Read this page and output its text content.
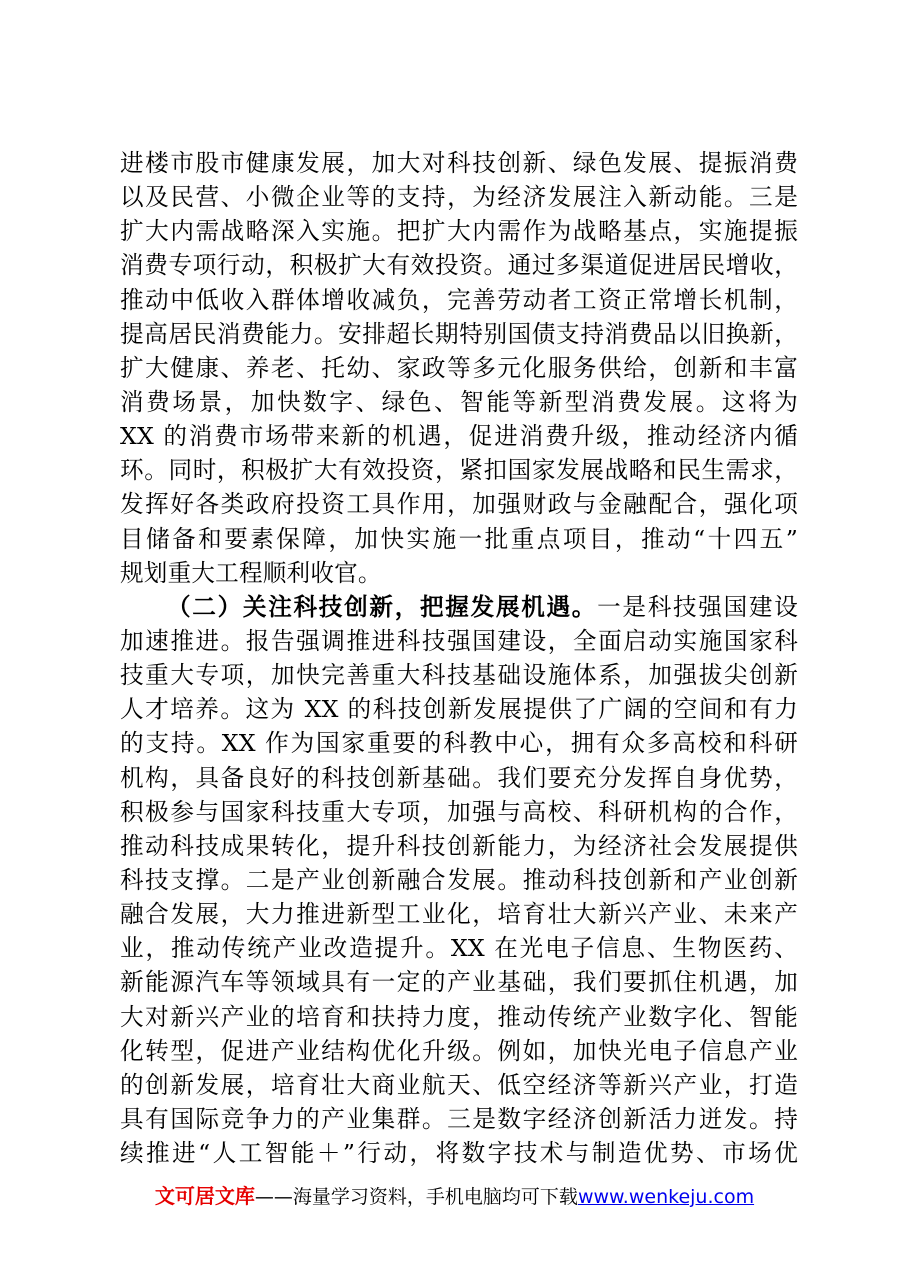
进楼市股市健康发展，加大对科技创新、绿色发展、提振消费
以及民营、小微企业等的支持，为经济发展注入新动能。三是
扩大内需战略深入实施。把扩大内需作为战略基点，实施提振
消费专项行动，积极扩大有效投资。通过多渠道促进居民增收，
推动中低收入群体增收减负，完善劳动者工资正常增长机制，
提高居民消费能力。安排超长期特别国债支持消费品以旧换新，
扩大健康、养老、托幼、家政等多元化服务供给，创新和丰富
消费场景，加快数字、绿色、智能等新型消费发展。这将为
XX 的消费市场带来新的机遇，促进消费升级，推动经济内循
环。同时，积极扩大有效投资，紧扣国家发展战略和民生需求，
发挥好各类政府投资工具作用，加强财政与金融配合，强化项
目储备和要素保障，加快实施一批重点项目，推动“十四五”
规划重大工程顺利收官。
（二）关注科技创新，把握发展机遇。一是科技强国建设
加速推进。报告强调推进科技强国建设，全面启动实施国家科
技重大专项，加快完善重大科技基础设施体系，加强拔尖创新
人才培养。这为 XX 的科技创新发展提供了广阔的空间和有力
的支持。XX 作为国家重要的科教中心，拥有众多高校和科研
机构，具备良好的科技创新基础。我们要充分发挥自身优势，
积极参与国家科技重大专项，加强与高校、科研机构的合作，
推动科技成果转化，提升科技创新能力，为经济社会发展提供
科技支撑。二是产业创新融合发展。推动科技创新和产业创新
融合发展，大力推进新型工业化，培育壮大新兴产业、未来产
业，推动传统产业改造提升。XX 在光电子信息、生物医药、
新能源汽车等领域具有一定的产业基础，我们要抓住机遇，加
大对新兴产业的培育和扶持力度，推动传统产业数字化、智能
化转型，促进产业结构优化升级。例如，加快光电子信息产业
的创新发展，培育壮大商业航天、低空经济等新兴产业，打造
具有国际竞争力的产业集群。三是数字经济创新活力迸发。持
续推进“人工智能＋”行动，将数字技术与制造优势、市场优
文可居文库——海量学习资料，手机电脑均可下载www.wenkeju.com
